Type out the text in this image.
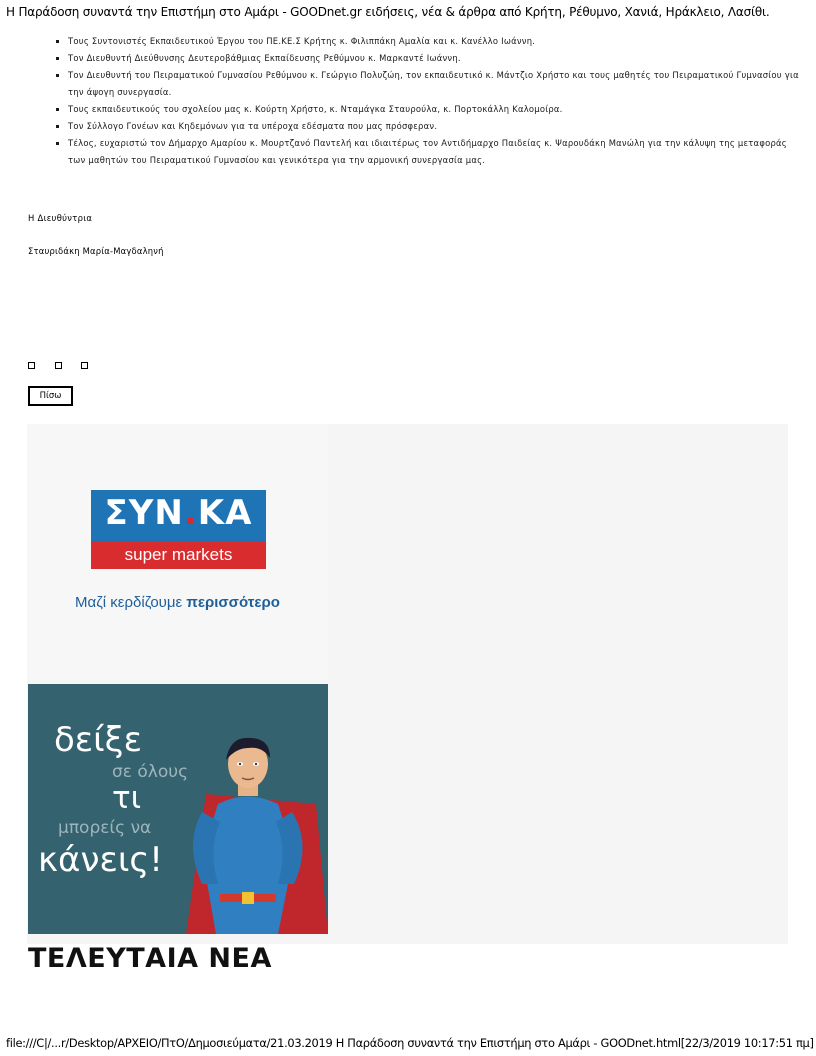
Η Παράδοση συναντά την Επιστήμη στο Αμάρι - GOODnet.gr ειδήσεις, νέα & άρθρα από Κρήτη, Ρέθυμνο, Χανιά, Ηράκλειο, Λασίθι.
▪ Τους Συντονιστές Εκπαιδευτικού Έργου του ΠΕ.ΚΕ.Σ Κρήτης κ. Φιλιππάκη Αμαλία και κ. Κανέλλο Ιωάννη.
▪ Τον Διευθυντή Διεύθυνσης Δευτεροβάθμιας Εκπαίδευσης Ρεθύμνου κ. Μαρκαντέ Ιωάννη.
▪ Τον Διευθυντή του Πειραματικού Γυμνασίου Ρεθύμνου κ. Γεώργιο Πολυζώη, τον εκπαιδευτικό κ. Μάντζιο Χρήστο και τους μαθητές του Πειραματικού Γυμνασίου για την άψογη συνεργασία.
▪ Τους εκπαιδευτικούς του σχολείου μας κ. Κούρτη Χρήστο, κ. Νταμάγκα Σταυρούλα, κ. Πορτοκάλλη Καλομοίρα.
▪ Τον Σύλλογο Γονέων και Κηδεμόνων για τα υπέροχα εδέσματα που μας πρόσφεραν.
▪ Τέλος, ευχαριστώ τον Δήμαρχο Αμαρίου κ. Μουρτζανό Παντελή και ιδιαιτέρως τον Αντιδήμαρχο Παιδείας κ. Ψαρουδάκη Μανώλη για την κάλυψη της μεταφοράς των μαθητών του Πειραματικού Γυμνασίου και γενικότερα για την αρμονική συνεργασία μας.
Η Διευθύντρια
Σταυριδάκη Μαρία-Μαγδαληνή
Πίσω
ΣΥΝ.ΚΑ
super markets
Μαζί κερδίζουμε περισσότερο
δείξε
σε όλους
τι
μπορείς να
κάνεις!
ΤΕΛΕΥΤΑΙΑ ΝΕΑ
file:///C|/...r/Desktop/ΑΡΧΕΙΟ/ΠτΟ/Δημοσιεύματα/21.03.2019 Η Παράδοση συναντά την Επιστήμη στο Αμάρι - GOODnet.html[22/3/2019 10:17:51 πμ]
